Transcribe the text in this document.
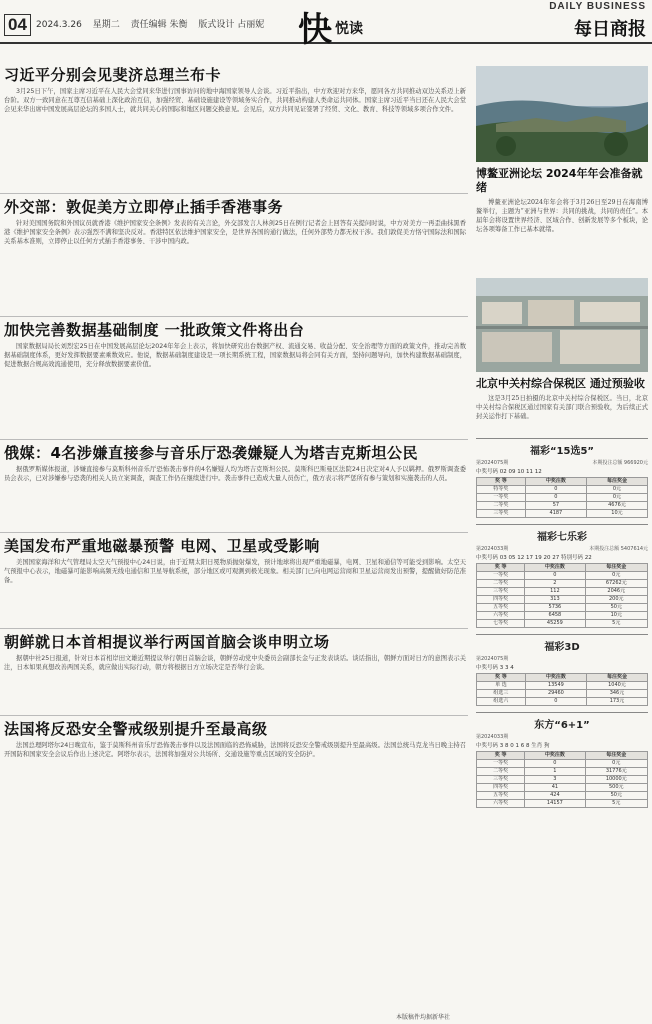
04	2024.3.26 星期二 责任编辑 朱衡 版式设计 占丽妮 快 悦读
DAILY BUSINESS
每日商报
习近平分别会见斐济总理兰布卡

3月25日下午，国家主席习近平在人民大会堂同来华进行国事访问的地中海国家领导人会谈。习近平指出，中方欢迎对方来华，愿同各方共同推动双边关系迈上新台阶。双方一致同意在互尊互信基础上深化政治互信，加强经贸、基础设施建设等领域务实合作，共同推动构建人类命运共同体。国家主席习近平当日还在人民大会堂会见来华出席中国发展高层论坛的多国人士，就共同关心的国际和地区问题交换意见。会见后，双方共同见证签署了经贸、文化、教育、科技等领域多项合作文件。

外交部：敦促美方立即停止插手香港事务

针对美国国务院和外国议员就香港《维护国家安全条例》发表的有关言论，外交部发言人林剑25日在例行记者会上回答有关提问时说，中方对美方一再歪曲抹黑香港《维护国家安全条例》表示强烈不满和坚决反对。香港特区依法维护国家安全，是世界各国的通行做法，任何外部势力都无权干涉。我们敦促美方恪守国际法和国际关系基本准则，立即停止以任何方式插手香港事务、干涉中国内政。

加快完善数据基础制度 一批政策文件将出台

国家数据局局长刘烈宏25日在中国发展高层论坛2024年年会上表示，将加快研究出台数据产权、流通交易、收益分配、安全治理等方面的政策文件，推动完善数据基础制度体系，更好发挥数据要素乘数效应。他说，数据基础制度建设是一项长期系统工程，国家数据局将会同有关方面，坚持问题导向，加快构建数据基础制度，促进数据合规高效流通使用，充分释放数据要素价值。

俄媒：4名涉嫌直接参与音乐厅恐袭嫌疑人为塔吉克斯坦公民

据俄罗斯媒体报道，涉嫌直接参与莫斯科州音乐厅恐怖袭击事件的4名嫌疑人均为塔吉克斯坦公民。莫斯科巴斯曼区法院24日决定对4人予以羁押。俄罗斯调查委员会表示，已对涉嫌参与恐袭的相关人员立案调查，调查工作仍在继续进行中。袭击事件已造成大量人员伤亡，俄方表示将严惩所有参与策划和实施袭击的人员。

美国发布严重地磁暴预警 电网、卫星或受影响

美国国家海洋和大气管理局太空天气预报中心24日说，由于近期太阳日冕物质抛射爆发，预计地球将出现严重地磁暴，电网、卫星和通信等可能受到影响。太空天气预报中心表示，地磁暴可能影响高频无线电通信和卫星导航系统，部分地区或可观测到极光现象。相关部门已向电网运营商和卫星运营商发出预警，提醒做好防范准备。

朝鲜就日本首相提议举行两国首脑会谈申明立场

据朝中社25日报道，针对日本首相岸田文雄近期提议举行朝日首脑会谈，朝鲜劳动党中央委员会副部长金与正发表谈话。谈话指出，朝鲜方面对日方的意图表示关注，日本如果真想改善两国关系，就应做出实际行动，朝方将根据日方立场决定是否举行会谈。

法国将反恐安全警戒级别提升至最高级

法国总理阿塔尔24日晚宣布，鉴于莫斯科州音乐厅恐怖袭击事件以及法国面临的恐怖威胁，法国将反恐安全警戒级别提升至最高级。法国总统马克龙当日晚主持召开国防和国家安全会议后作出上述决定。阿塔尔表示，法国将加强对公共场所、交通设施等重点区域的安全防护。

博鳌亚洲论坛 2024年年会准备就绪

博鳌亚洲论坛2024年年会将于3月26日至29日在海南博鳌举行，主题为“亚洲与世界：共同的挑战，共同的责任”。本届年会将设置世界经济、区域合作、创新发展等多个板块，论坛各项筹备工作已基本就绪。

北京中关村综合保税区 通过预验收

这是3月25日拍摄的北京中关村综合保税区。当日，北京中关村综合保税区通过国家有关部门联合预验收，为后续正式封关运作打下基础。

福彩“15选5”
第2024075期	本期投注总额 966920元
中奖号码 02 09 10 11 12
奖 等	中奖注数	每注奖金
特等奖	0	0元
一等奖	0	0元
二等奖	57	4676元
三等奖	4187	10元
福彩七乐彩
第2024033期	本期投注总额 5407614元
中奖号码 03 05 12 17 19 20 27 特别号码 22
奖 等	中奖注数	每注奖金
一等奖	0	0元
二等奖	2	67262元
三等奖	112	2046元
四等奖	313	200元
五等奖	5736	50元
六等奖	6458	10元
七等奖	45259	5元
福彩3D
第2024075期
中奖号码 3 3 4
奖 等	中奖注数	每注奖金
单 选	13549	1040元
组选三	29460	346元
组选六	0	173元
东方“6+1”
第2024033期
中奖号码 3 8 0 1 6 8 生肖 狗
奖 等	中奖注数	每注奖金
一等奖	0	0元
二等奖	1	31776元
三等奖	3	10000元
四等奖	41	500元
五等奖	424	50元
六等奖	14157	5元
本版稿件均据新华社
